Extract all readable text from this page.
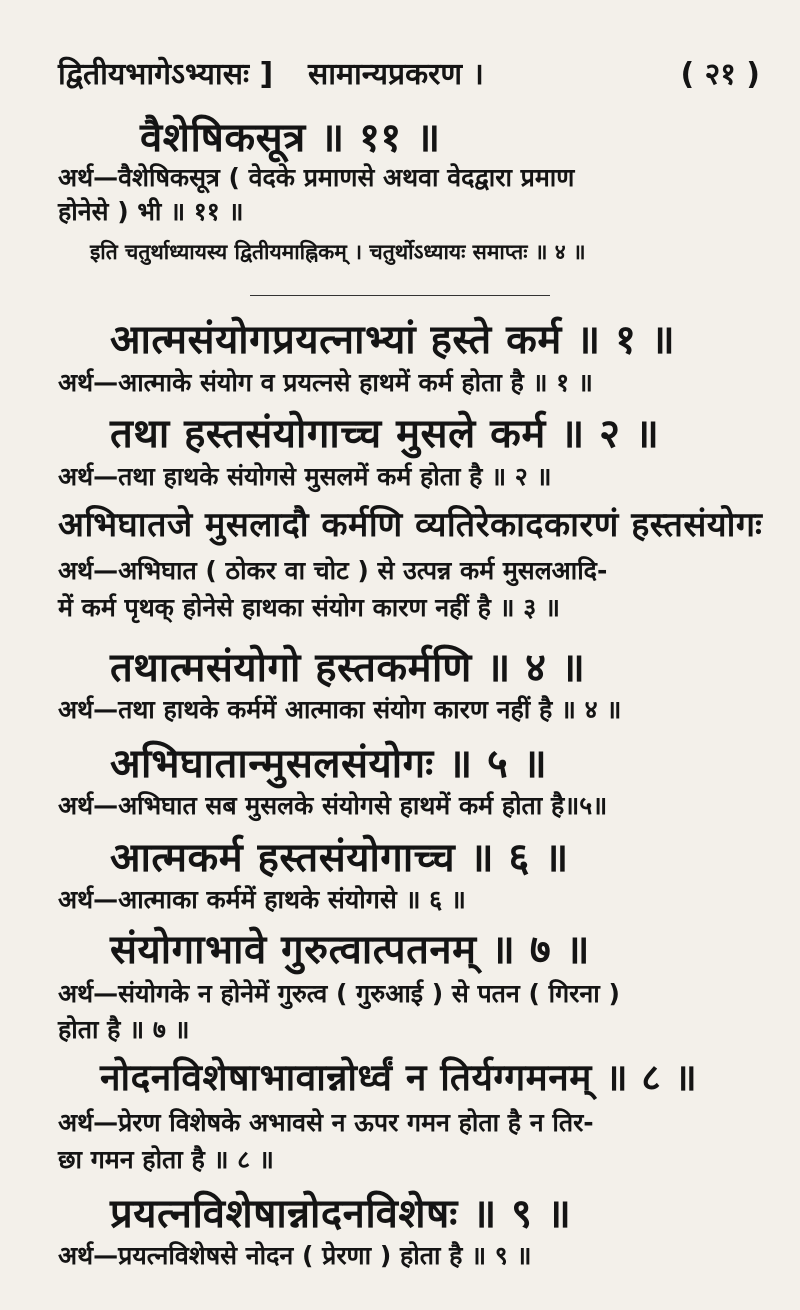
द्वितीयभागेऽभ्यासः ] सामान्यप्रकरण ।	( २१ )
वैशेषिकसूत्र ॥ ११ ॥
अर्थ—वैशेषिकसूत्र ( वेदके प्रमाणसे अथवा वेदद्वारा प्रमाण
होनेसे ) भी ॥ ११ ॥
इति चतुर्थाध्यायस्य द्वितीयमाह्निकम् । चतुर्थोऽध्यायः समाप्तः ॥ ४ ॥
आत्मसंयोगप्रयत्नाभ्यां हस्ते कर्म ॥ १ ॥
अर्थ—आत्माके संयोग व प्रयत्नसे हाथमें कर्म होता है ॥ १ ॥
तथा हस्तसंयोगाच्च मुसले कर्म ॥ २ ॥
अर्थ—तथा हाथके संयोगसे मुसलमें कर्म होता है ॥ २ ॥
अभिघातजे मुसलादौ कर्मणि व्यतिरेकादकारणं हस्तसंयोगः
अर्थ—अभिघात ( ठोकर वा चोट ) से उत्पन्न कर्म मुसलआदि-
में कर्म पृथक् होनेसे हाथका संयोग कारण नहीं है ॥ ३ ॥
तथात्मसंयोगो हस्तकर्मणि ॥ ४ ॥
अर्थ—तथा हाथके कर्ममें आत्माका संयोग कारण नहीं है ॥ ४ ॥
अभिघातान्मुसलसंयोगः ॥ ५ ॥
अर्थ—अभिघात सब मुसलके संयोगसे हाथमें कर्म होता है॥५॥
आत्मकर्म हस्तसंयोगाच्च ॥ ६ ॥
अर्थ—आत्माका कर्ममें हाथके संयोगसे ॥ ६ ॥
संयोगाभावे गुरुत्वात्पतनम् ॥ ७ ॥
अर्थ—संयोगके न होनेमें गुरुत्व ( गुरुआई ) से पतन ( गिरना )
होता है ॥ ७ ॥
नोदनविशेषाभावान्नोर्ध्वं न तिर्यग्गमनम् ॥ ८ ॥
अर्थ—प्रेरण विशेषके अभावसे न ऊपर गमन होता है न तिर-
छा गमन होता है ॥ ८ ॥
प्रयत्नविशेषान्नोदनविशेषः ॥ ९ ॥
अर्थ—प्रयत्नविशेषसे नोदन ( प्रेरणा ) होता है ॥ ९ ॥
